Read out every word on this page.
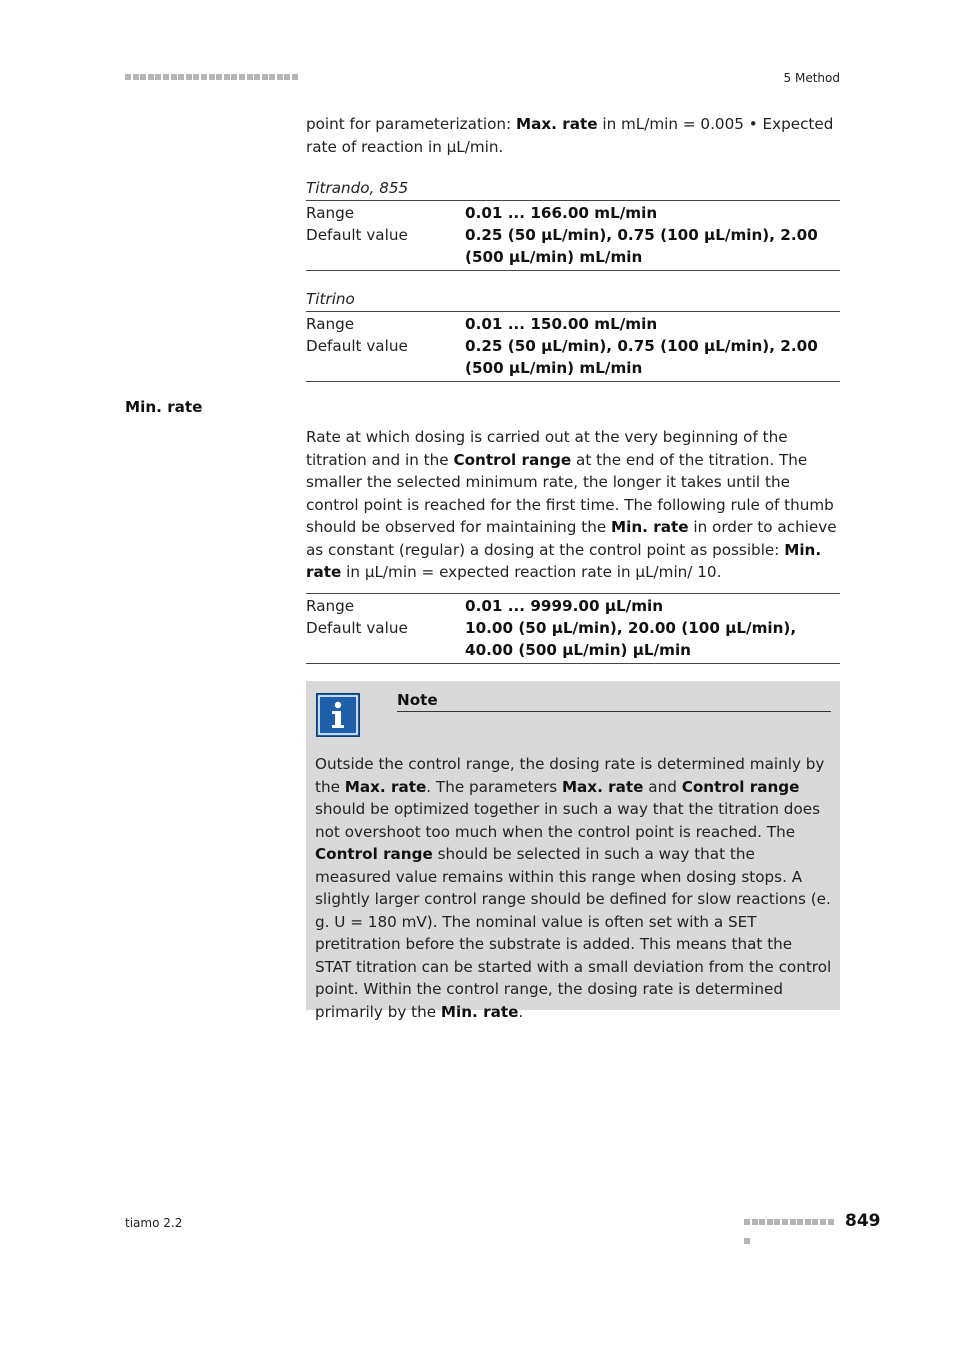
5 Method
point for parameterization: Max. rate in mL/min = 0.005 • Expected rate of reaction in µL/min.
Titrando, 855
Range	0.01 ... 166.00 mL/min
Default value	0.25 (50 µL/min), 0.75 (100 µL/min), 2.00 (500 µL/min) mL/min
Titrino
Range	0.01 ... 150.00 mL/min
Default value	0.25 (50 µL/min), 0.75 (100 µL/min), 2.00 (500 µL/min) mL/min
Min. rate
Rate at which dosing is carried out at the very beginning of the titration and in the Control range at the end of the titration. The smaller the selected minimum rate, the longer it takes until the control point is reached for the first time. The following rule of thumb should be observed for maintaining the Min. rate in order to achieve as constant (regular) a dosing at the control point as possible: Min. rate in µL/min = expected reaction rate in µL/min/ 10.
Range	0.01 ... 9999.00 µL/min
Default value	10.00 (50 µL/min), 20.00 (100 µL/min), 40.00 (500 µL/min) µL/min
Note
Outside the control range, the dosing rate is determined mainly by the Max. rate. The parameters Max. rate and Control range should be optimized together in such a way that the titration does not overshoot too much when the control point is reached. The Control range should be selected in such a way that the measured value remains within this range when dosing stops. A slightly larger control range should be defined for slow reactions (e. g. U = 180 mV). The nominal value is often set with a SET pretitration before the substrate is added. This means that the STAT titration can be started with a small deviation from the control point. Within the control range, the dosing rate is determined primarily by the Min. rate.
tiamo 2.2	849
